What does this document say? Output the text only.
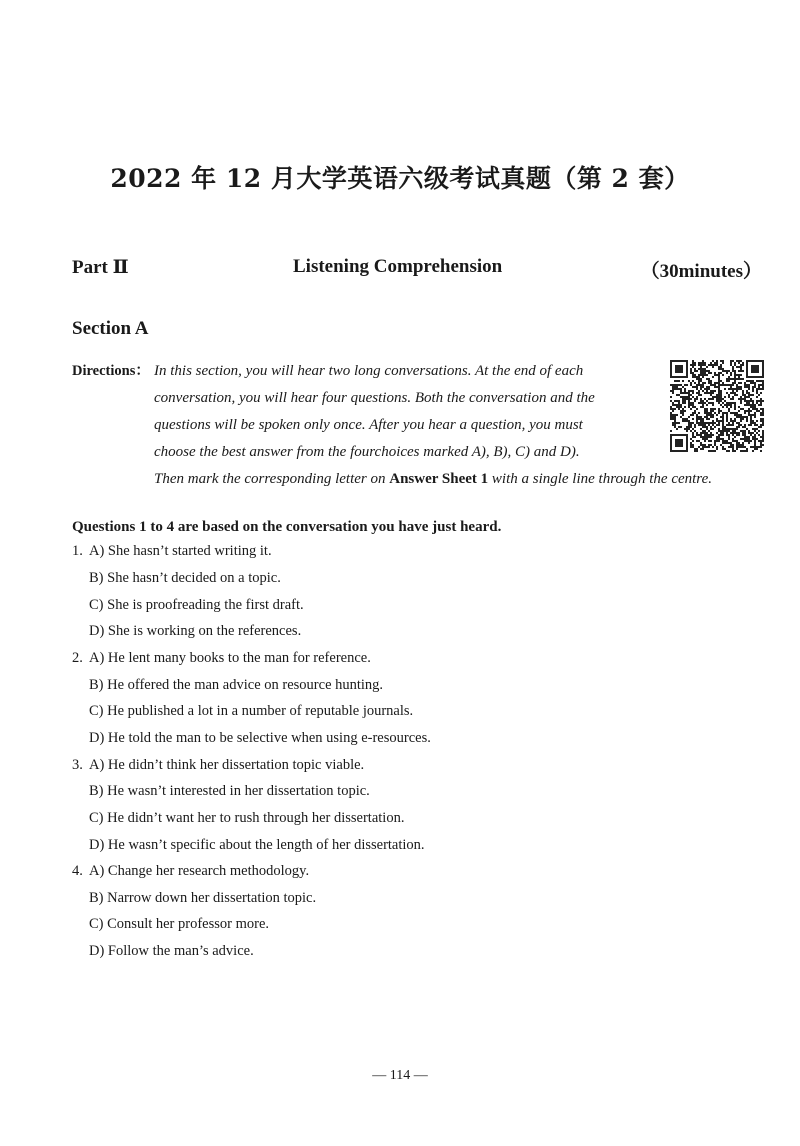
2022 年 12 月大学英语六级考试真题（第 2 套）
Part Ⅱ	Listening Comprehension	（30minutes）
Section A
Directions： In this section, you will hear two long conversations. At the end of each
conversation, you will hear four questions. Both the conversation and the
questions will be spoken only once. After you hear a question, you must
choose the best answer from the fourchoices marked A), B), C) and D).
Then mark the corresponding letter on Answer Sheet 1 with a single line through the centre.
Questions 1 to 4 are based on the conversation you have just heard.
1. A) She hasn’t started writing it.
B) She hasn’t decided on a topic.
C) She is proofreading the first draft.
D) She is working on the references.
2. A) He lent many books to the man for reference.
B) He offered the man advice on resource hunting.
C) He published a lot in a number of reputable journals.
D) He told the man to be selective when using e-resources.
3. A) He didn’t think her dissertation topic viable.
B) He wasn’t interested in her dissertation topic.
C) He didn’t want her to rush through her dissertation.
D) He wasn’t specific about the length of her dissertation.
4. A) Change her research methodology.
B) Narrow down her dissertation topic.
C) Consult her professor more.
D) Follow the man’s advice.
— 114 —
